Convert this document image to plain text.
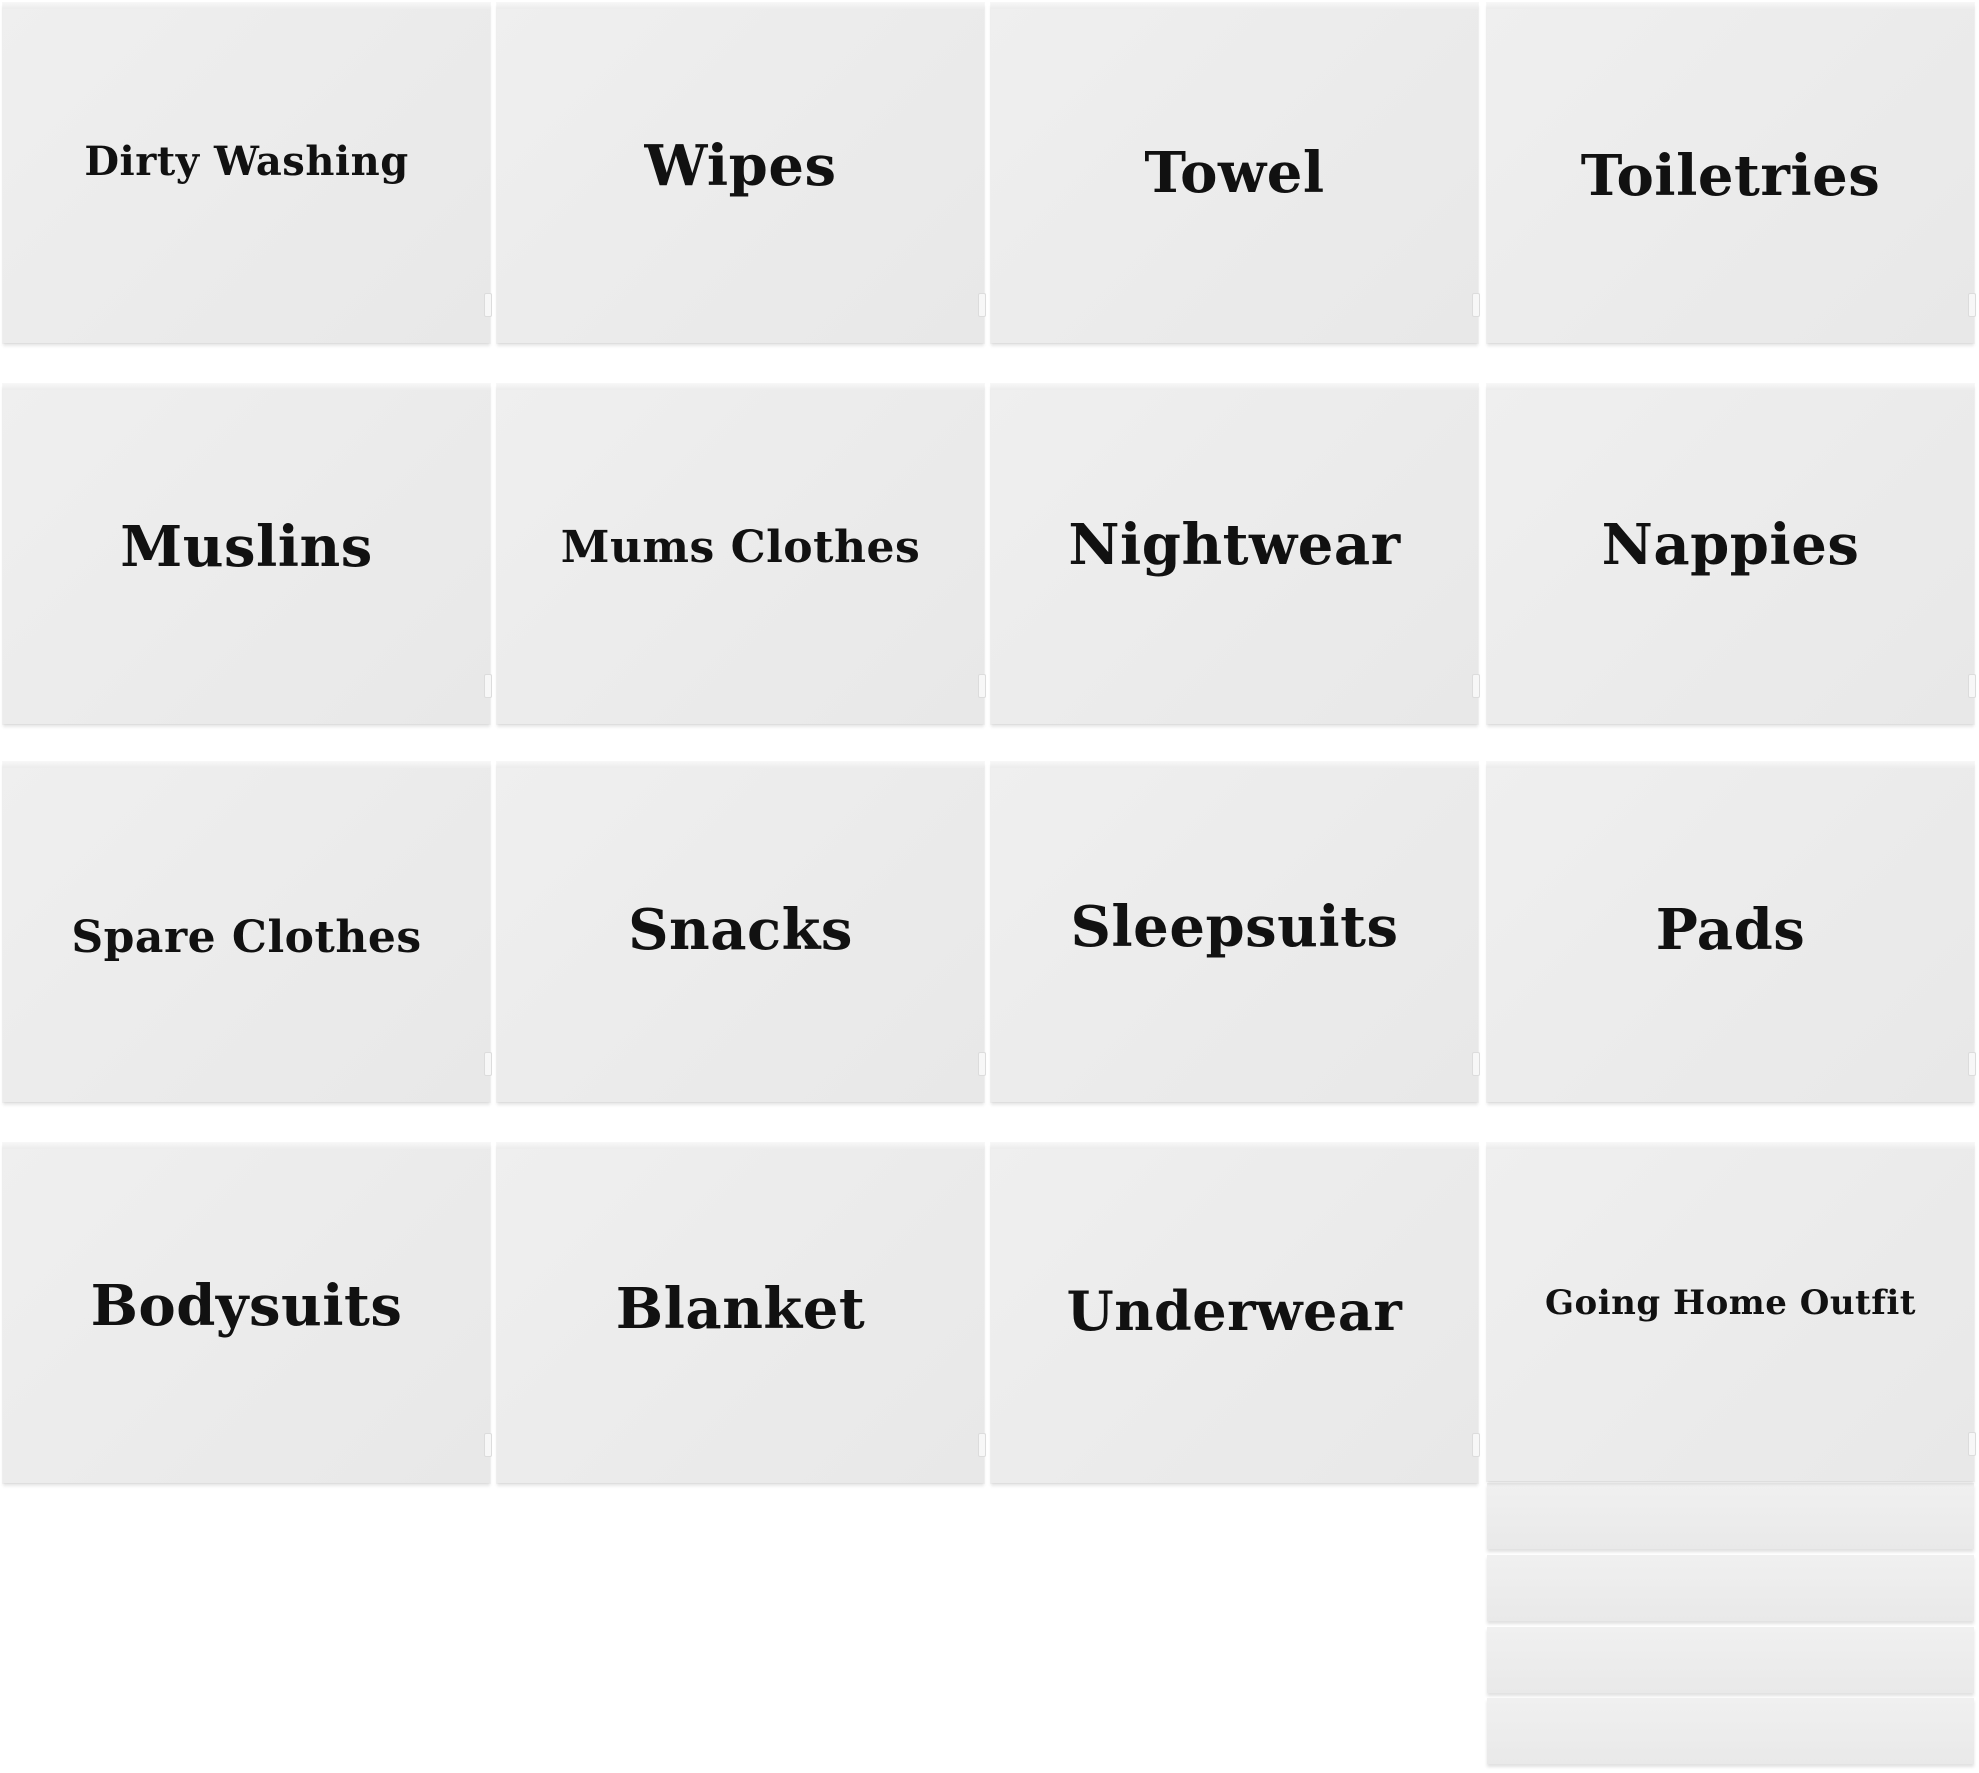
Dirty Washing	Wipes	Towel	Toiletries
Muslins	Mums Clothes	Nightwear	Nappies
Spare Clothes	Snacks	Sleepsuits	Pads
Bodysuits	Blanket	Underwear	Going Home Outfit
